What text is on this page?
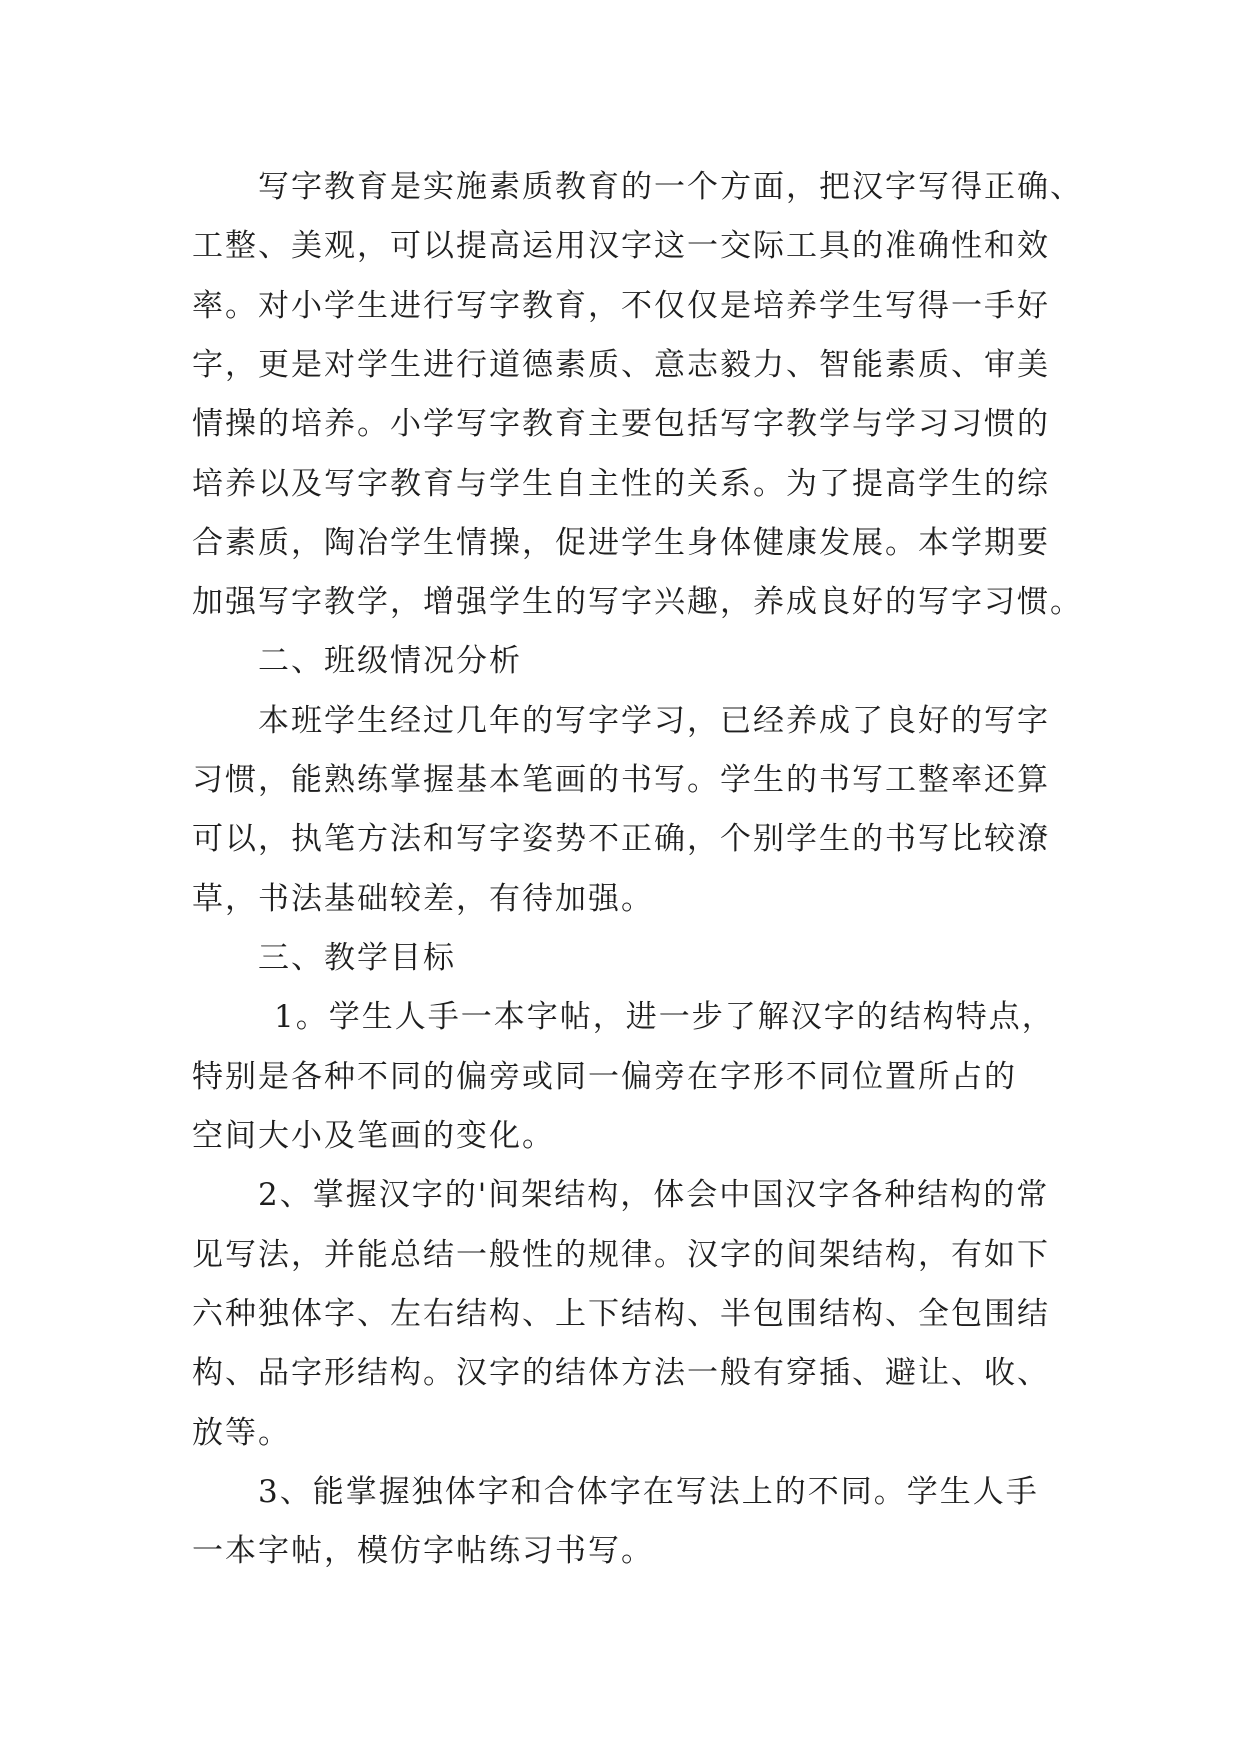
写字教育是实施素质教育的一个方面，把汉字写得正确、
工整、美观，可以提高运用汉字这一交际工具的准确性和效
率。对小学生进行写字教育，不仅仅是培养学生写得一手好
字，更是对学生进行道德素质、意志毅力、智能素质、审美
情操的培养。小学写字教育主要包括写字教学与学习习惯的
培养以及写字教育与学生自主性的关系。为了提高学生的综
合素质，陶冶学生情操，促进学生身体健康发展。本学期要
加强写字教学，增强学生的写字兴趣，养成良好的写字习惯。
二、班级情况分析
本班学生经过几年的写字学习，已经养成了良好的写字
习惯，能熟练掌握基本笔画的书写。学生的书写工整率还算
可以，执笔方法和写字姿势不正确，个别学生的书写比较潦
草，书法基础较差，有待加强。
三、教学目标
1。学生人手一本字帖，进一步了解汉字的结构特点，
特别是各种不同的偏旁或同一偏旁在字形不同位置所占的
空间大小及笔画的变化。
2、掌握汉字的'间架结构，体会中国汉字各种结构的常
见写法，并能总结一般性的规律。汉字的间架结构，有如下
六种独体字、左右结构、上下结构、半包围结构、全包围结
构、品字形结构。汉字的结体方法一般有穿插、避让、收、
放等。
3、能掌握独体字和合体字在写法上的不同。学生人手
一本字帖，模仿字帖练习书写。
